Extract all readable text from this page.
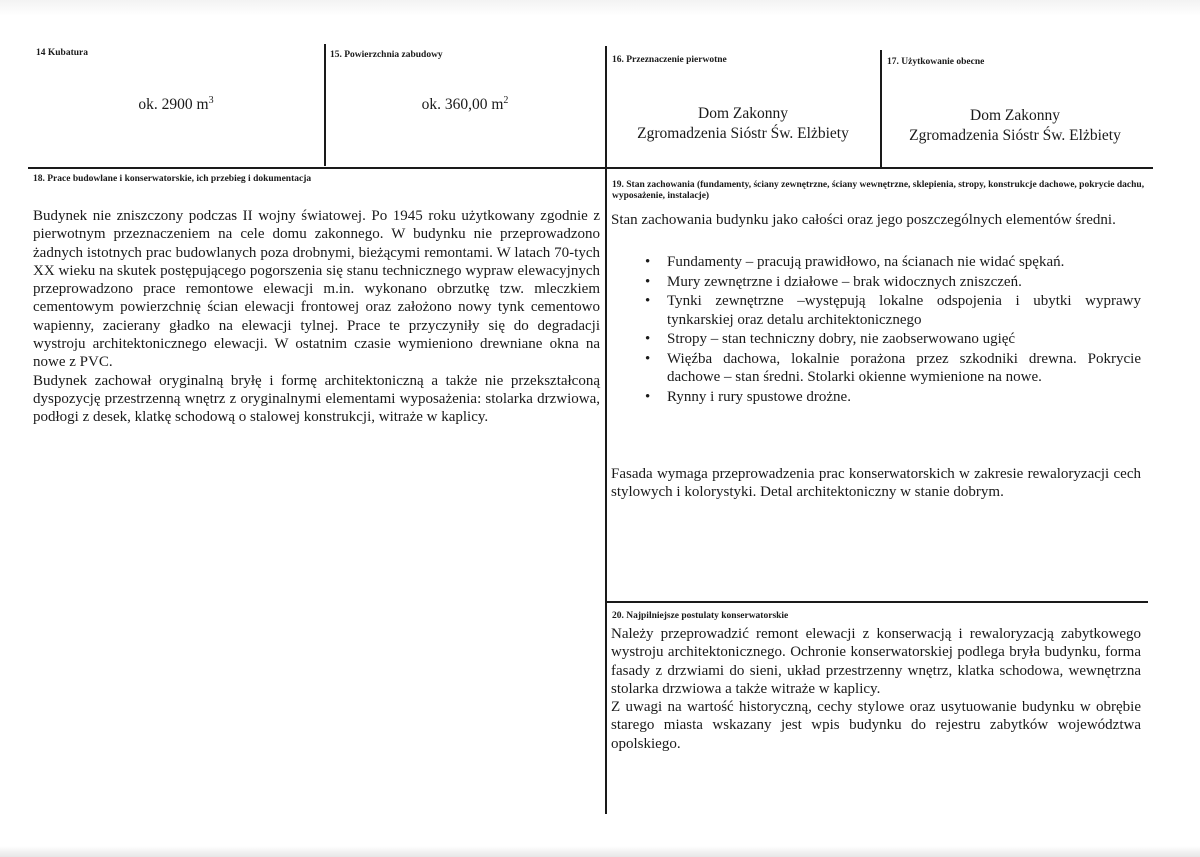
14 Kubatura
ok. 2900 $m^3$
15. Powierzchnia zabudowy
ok. 360,00 $m^2$
16. Przeznaczenie pierwotne
Dom Zakonny
Zgromadzenia Sióstr Św. Elżbiety
17. Użytkowanie obecne
Dom Zakonny
Zgromadzenia Sióstr Św. Elżbiety
18. Prace budowlane i konserwatorskie, ich przebieg i dokumentacja

Budynek nie zniszczony podczas II wojny światowej. Po 1945 roku użytkowany zgodnie z pierwotnym przeznaczeniem na cele domu zakonnego. W budynku nie przeprowadzono żadnych istotnych prac budowlanych poza drobnymi, bieżącymi remontami. W latach 70-tych XX wieku na skutek postępującego pogorszenia się stanu technicznego wypraw elewacyjnych przeprowadzono prace remontowe elewacji m.in. wykonano obrzutkę tzw. mleczkiem cementowym powierzchnię ścian elewacji frontowej oraz założono nowy tynk cementowo wapienny, zacierany gładko na elewacji tylnej. Prace te przyczyniły się do degradacji wystroju architektonicznego elewacji. W ostatnim czasie wymieniono drewniane okna na nowe z PVC.

Budynek zachował oryginalną bryłę i formę architektoniczną a także nie przekształconą dyspozycję przestrzenną wnętrz z oryginalnymi elementami wyposażenia: stolarka drzwiowa, podłogi z desek, klatkę schodową o stalowej konstrukcji, witraże w kaplicy.

19. Stan zachowania (fundamenty, ściany zewnętrzne, ściany wewnętrzne, sklepienia, stropy, konstrukcje dachowe, pokrycie dachu, wyposażenie, instalacje)

Stan zachowania budynku jako całości oraz jego poszczególnych elementów średni.

• Fundamenty – pracują prawidłowo, na ścianach nie widać spękań.
• Mury zewnętrzne i działowe – brak widocznych zniszczeń.
• Tynki zewnętrzne –występują lokalne odspojenia i ubytki wyprawy tynkarskiej oraz detalu architektonicznego
• Stropy – stan techniczny dobry, nie zaobserwowano ugięć
• Więźba dachowa, lokalnie porażona przez szkodniki drewna. Pokrycie dachowe – stan średni. Stolarki okienne wymienione na nowe.
• Rynny i rury spustowe drożne.

Fasada wymaga przeprowadzenia prac konserwatorskich w zakresie rewaloryzacji cech stylowych i kolorystyki. Detal architektoniczny w stanie dobrym.

20. Najpilniejsze postulaty konserwatorskie

Należy przeprowadzić remont elewacji z konserwacją i rewaloryzacją zabytkowego wystroju architektonicznego. Ochronie konserwatorskiej podlega bryła budynku, forma fasady z drzwiami do sieni, układ przestrzenny wnętrz, klatka schodowa, wewnętrzna stolarka drzwiowa a także witraże w kaplicy.

Z uwagi na wartość historyczną, cechy stylowe oraz usytuowanie budynku w obrębie starego miasta wskazany jest wpis budynku do rejestru zabytków województwa opolskiego.
